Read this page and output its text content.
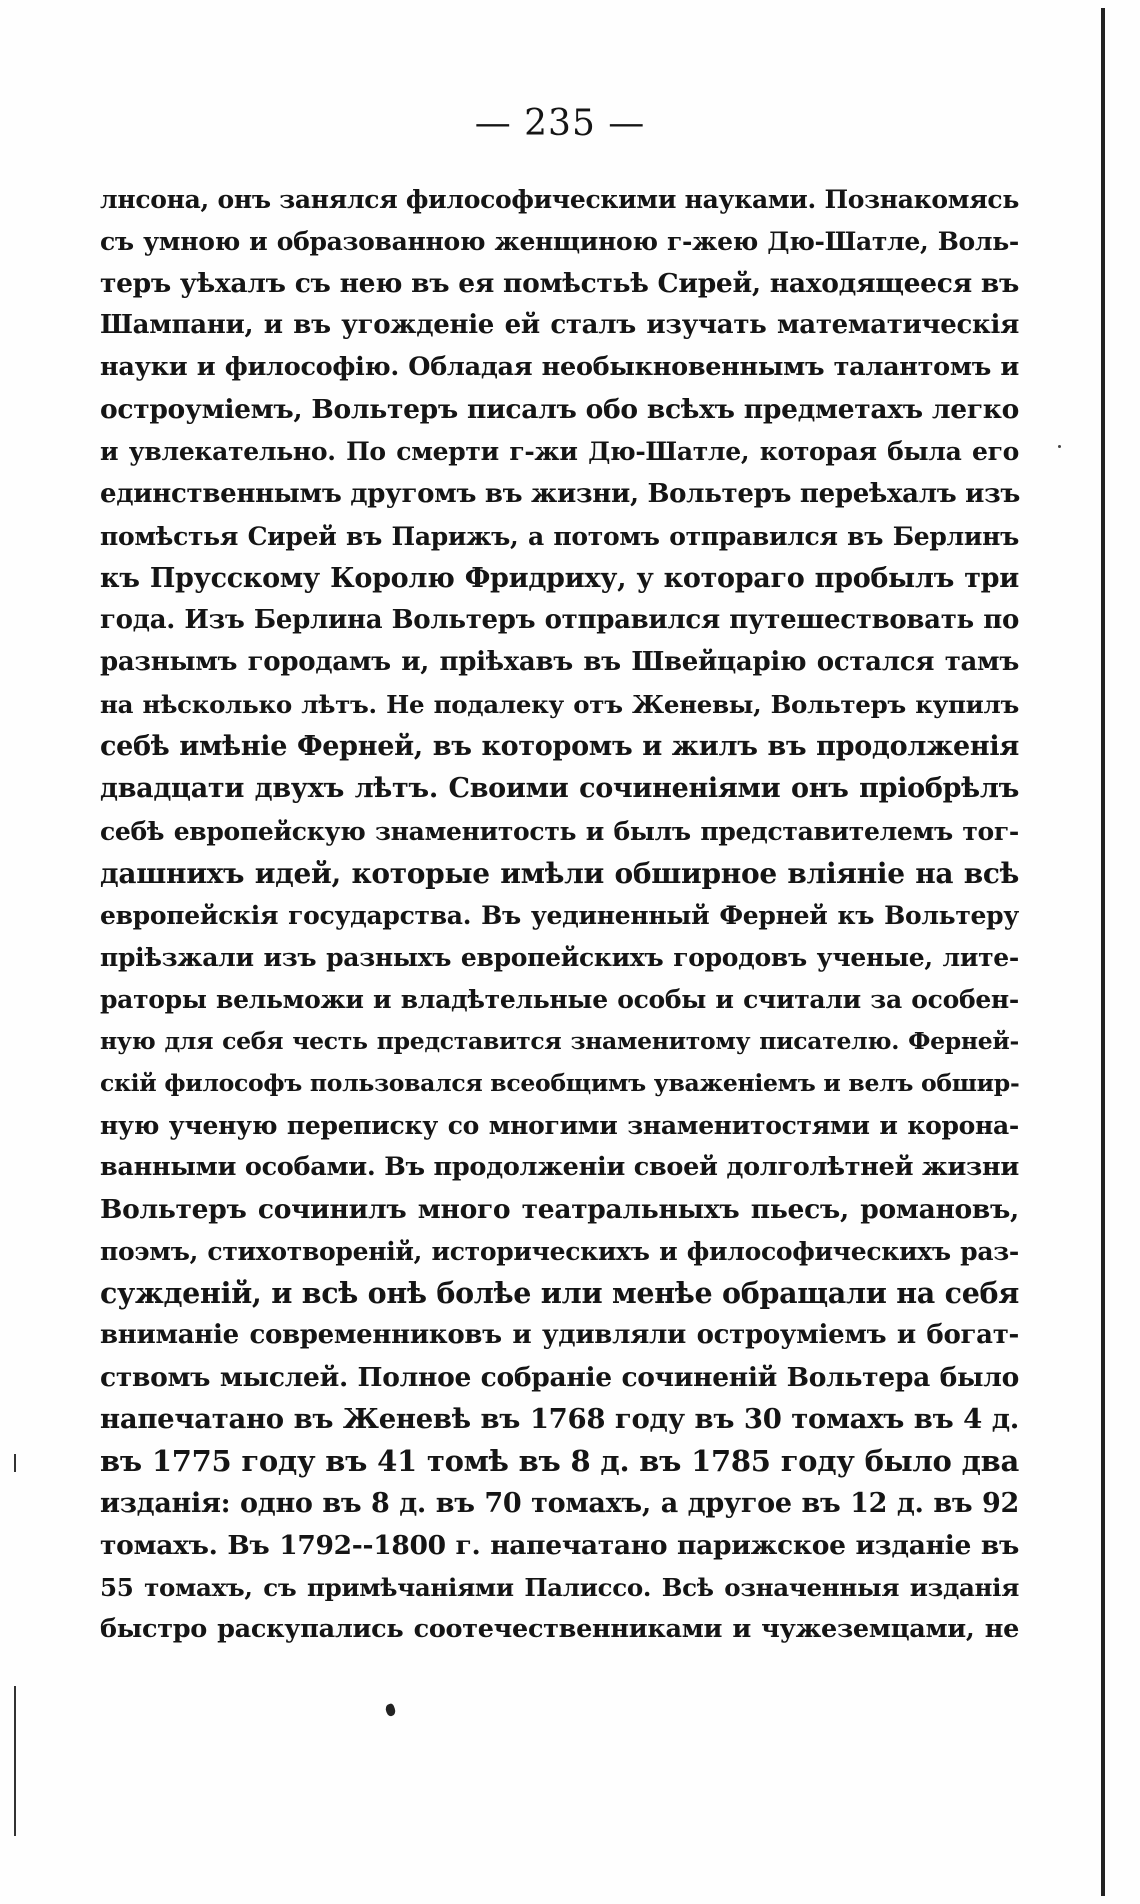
— 235 —
лнсона, онъ занялся философическими науками. Познакомясь
съ умною и образованною женщиною г-жею Дю-Шатле, Воль-
теръ уѣхалъ съ нею въ ея помѣстьѣ Сирей, находящееся въ
Шампани, и въ угожденіе ей сталъ изучать математическія
науки и философію. Обладая необыкновеннымъ талантомъ и
остроуміемъ, Вольтеръ писалъ обо всѣхъ предметахъ легко
и увлекательно. По смерти г-жи Дю-Шатле, которая была его
единственнымъ другомъ въ жизни, Вольтеръ переѣхалъ изъ
помѣстья Сирей въ Парижъ, а потомъ отправился въ Берлинъ
къ Прусскому Королю Фридриху, у котораго пробылъ три
года. Изъ Берлина Вольтеръ отправился путешествовать по
разнымъ городамъ и, пріѣхавъ въ Швейцарію остался тамъ
на нѣсколько лѣтъ. Не подалеку отъ Женевы, Вольтеръ купилъ
себѣ имѣніе Ферней, въ которомъ и жилъ въ продолженія
двадцати двухъ лѣтъ. Своими сочиненіями онъ пріобрѣлъ
себѣ европейскую знаменитость и былъ представителемъ тог-
дашнихъ идей, которые имѣли обширное вліяніе на всѣ
европейскія государства. Въ уединенный Ферней къ Вольтеру
пріѣзжали изъ разныхъ европейскихъ городовъ ученые, лите-
раторы вельможи и владѣтельные особы и считали за особен-
ную для себя честь представится знаменитому писателю. Ферней-
скій философъ пользовался всеобщимъ уваженіемъ и велъ обшир-
ную ученую переписку со многими знаменитостями и корона-
ванными особами. Въ продолженіи своей долголѣтней жизни
Вольтеръ сочинилъ много театральныхъ пьесъ, романовъ,
поэмъ, стихотвореній, историческихъ и философическихъ раз-
сужденій, и всѣ онѣ болѣе или менѣе обращали на себя
вниманіе современниковъ и удивляли остроуміемъ и богат-
ствомъ мыслей. Полное собраніе сочиненій Вольтера было
напечатано въ Женевѣ въ 1768 году въ 30 томахъ въ 4 д.
въ 1775 году въ 41 томѣ въ 8 д. въ 1785 году было два
изданія: одно въ 8 д. въ 70 томахъ, а другое въ 12 д. въ 92
томахъ. Въ 1792--1800 г. напечатано парижское изданіе въ
55 томахъ, съ примѣчаніями Палиссо. Всѣ означенныя изданія
быстро раскупались соотечественниками и чужеземцами, не
